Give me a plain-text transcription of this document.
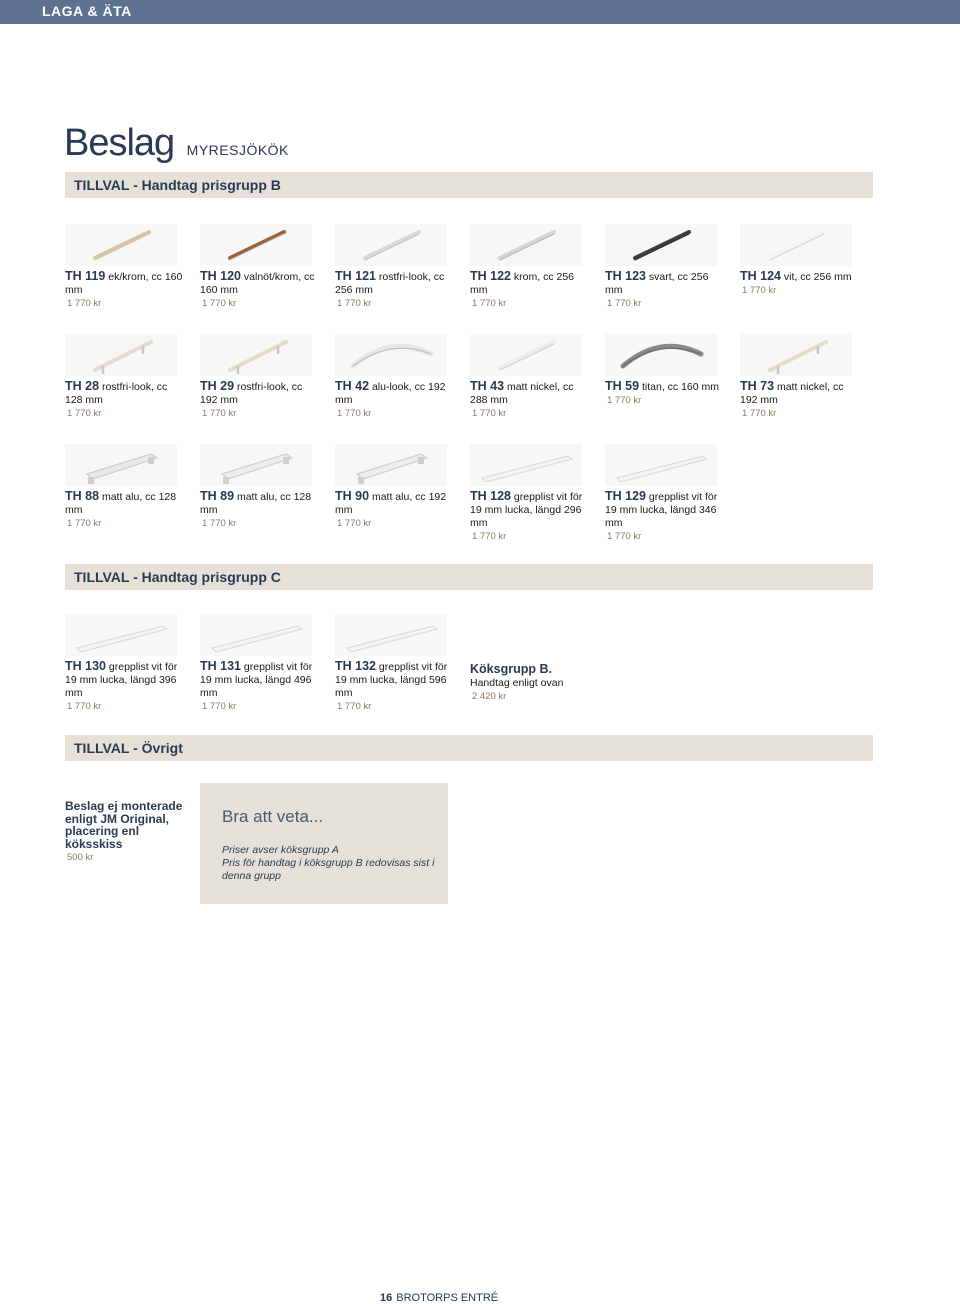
LAGA & ÄTA
Beslag MYRESJÖKÖK
TILLVAL - Handtag prisgrupp B
TILLVAL - Handtag prisgrupp C
TILLVAL - Övrigt
TH 119 ek/krom, cc 160 mm
1 770 kr
TH 120 valnöt/krom, cc 160 mm
1 770 kr
TH 121 rostfri-look, cc 256 mm
1 770 kr
TH 122 krom, cc 256 mm
1 770 kr
TH 123 svart, cc 256 mm
1 770 kr
TH 124 vit, cc 256 mm
1 770 kr
TH 28 rostfri-look, cc 128 mm
1 770 kr
TH 29 rostfri-look, cc 192 mm
1 770 kr
TH 42 alu-look, cc 192 mm
1 770 kr
TH 43 matt nickel, cc 288 mm
1 770 kr
TH 59 titan, cc 160 mm
1 770 kr
TH 73 matt nickel, cc 192 mm
1 770 kr
TH 88 matt alu, cc 128 mm
1 770 kr
TH 89 matt alu, cc 128 mm
1 770 kr
TH 90 matt alu, cc 192 mm
1 770 kr
TH 128 grepplist vit för 19 mm lucka, längd 296 mm
1 770 kr
TH 129 grepplist vit för 19 mm lucka, längd 346 mm
1 770 kr
TH 130 grepplist vit för 19 mm lucka, längd 396 mm
1 770 kr
TH 131 grepplist vit för 19 mm lucka, längd 496 mm
1 770 kr
TH 132 grepplist vit för 19 mm lucka, längd 596 mm
1 770 kr
Köksgrupp B.
Handtag enligt ovan
2 420 kr
Beslag ej monterade enligt JM Original, placering enl köksskiss
500 kr
Bra att veta...
Priser avser köksgrupp A
Pris för handtag i köksgrupp B redovisas sist i denna grupp
16 BROTORPS ENTRÉ
